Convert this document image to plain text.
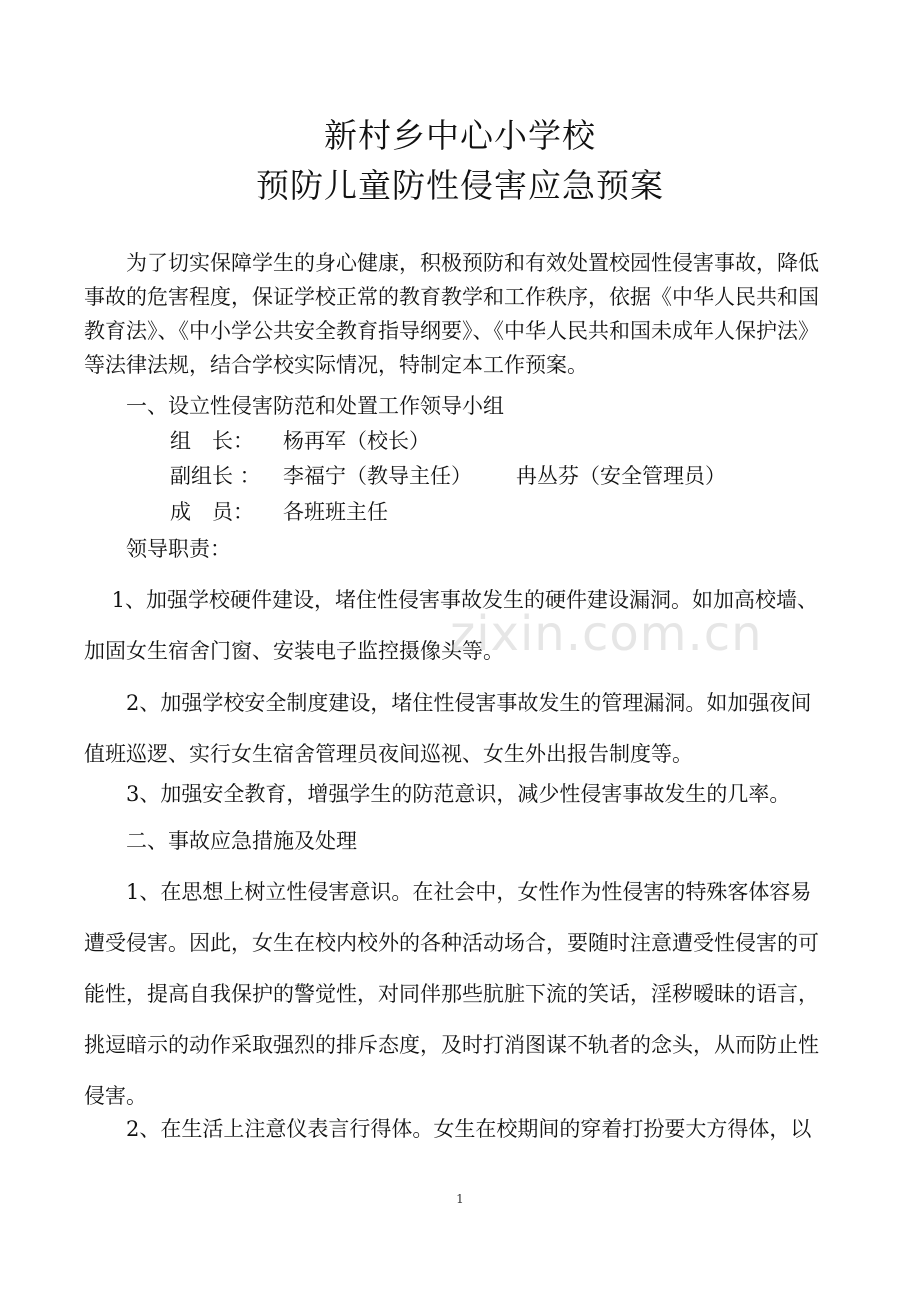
新村乡中心小学校
预防儿童防性侵害应急预案
　　为了切实保障学生的身心健康，积极预防和有效处置校园性侵害事故，降低
事故的危害程度，保证学校正常的教育教学和工作秩序，依据《中华人民共和国
教育法》、《中小学公共安全教育指导纲要》、《中华人民共和国未成年人保护法》
等法律法规，结合学校实际情况，特制定本工作预案。
　　一、设立性侵害防范和处置工作领导小组
组　长： 杨再军（校长）
副组长 ： 李福宁（教导主任） 冉丛芬（安全管理员）
成　员： 各班班主任
　　领导职责：
　 1、加强学校硬件建设，堵住性侵害事故发生的硬件建设漏洞。如加高校墙、
加固女生宿舍门窗、安装电子监控摄像头等。
　　2、加强学校安全制度建设，堵住性侵害事故发生的管理漏洞。如加强夜间
值班巡逻、实行女生宿舍管理员夜间巡视、女生外出报告制度等。
　　3、加强安全教育，增强学生的防范意识，减少性侵害事故发生的几率。
　　二、事故应急措施及处理
　　1、在思想上树立性侵害意识。在社会中，女性作为性侵害的特殊客体容易
遭受侵害。因此，女生在校内校外的各种活动场合，要随时注意遭受性侵害的可
能性，提高自我保护的警觉性，对同伴那些肮脏下流的笑话，淫秽暧昧的语言，
挑逗暗示的动作采取强烈的排斥态度，及时打消图谋不轨者的念头，从而防止性
侵害。
　　2、在生活上注意仪表言行得体。女生在校期间的穿着打扮要大方得体，以
zixin.com.cn
1
